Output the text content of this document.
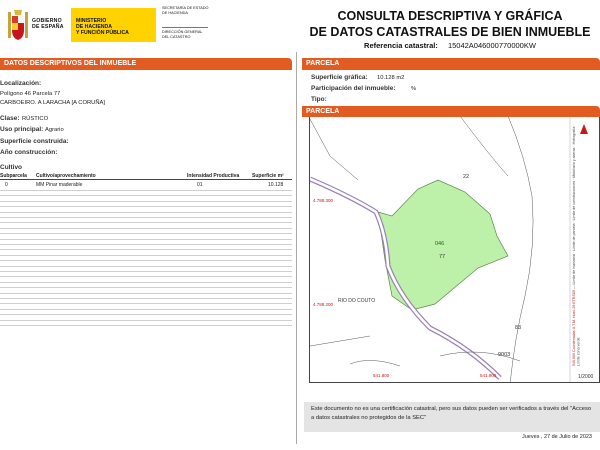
GOBIERNO
DE ESPAÑA
MINISTERIO
DE HACIENDA
Y FUNCIÓN PÚBLICA
SECRETARÍA DE ESTADO
DE HACIENDA
DIRECCIÓN GENERAL
DEL CATASTRO
CONSULTA DESCRIPTIVA Y GRÁFICA
DE DATOS CATASTRALES DE BIEN INMUEBLE
Referencia catastral: 15042A046000770000KW
DATOS DESCRIPTIVOS DEL INMUEBLE
Localización:
Polígono 46 Parcela 77
CARBOEIRO. A LARACHA [A CORUÑA]
Clase: RÚSTICO
Uso principal: Agrario
Superficie construida:
Año construcción:
Cultivo
Subparcela Cultivo/aprovechamiento	Intensidad Productiva	Superficie m²
0	MM Pinar maderable	01	10.128
PARCELA
Superficie gráfica: 10.128 m2
Participación del inmueble:	%
Tipo:
046
77
22
83
9003
RIO DO COUTO
4.788.300
4.788.200
541.800	541.900	1/2000
540.000 Coordenadas U.T.M. Huso 29 ETRS89 — Limite de manzana · Limite de parcela · Limite de construcciones · Mobiliario y aceras · Hidrografía · Límite zona verde
PARCELA
Este documento no es una certificación catastral, pero sus datos pueden ser verificados a través del "Acceso a datos catastrales no protegidos de la SEC"
Jueves , 27 de Julio de 2023
